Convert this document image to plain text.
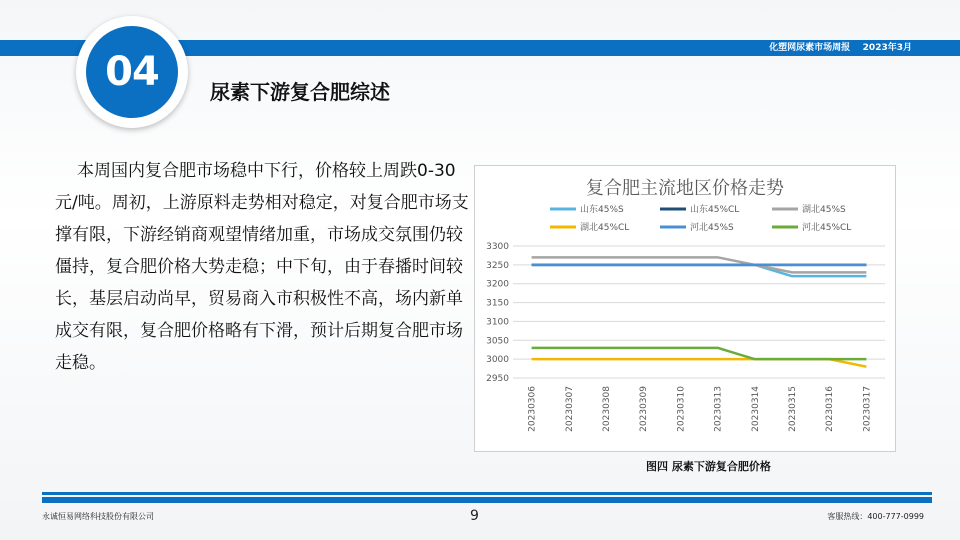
化塑网尿素市场周报    2023年3月
04	尿素下游复合肥综述
本周国内复合肥市场稳中下行，价格较上周跌0-30元/吨。周初，上游原料走势相对稳定，对复合肥市场支撑有限，下游经销商观望情绪加重，市场成交氛围仍较僵持，复合肥价格大势走稳；中下旬，由于春播时间较长，基层启动尚早，贸易商入市积极性不高，场内新单成交有限，复合肥价格略有下滑，预计后期复合肥市场走稳。
复合肥主流地区价格走势
山东45%S	山东45%CL	湖北45%S
湖北45%CL	河北45%S	河北45%CL
2950
3000
3050
3100
3150
3200
3250
3300
20230306	20230307	20230308	20230309	20230310	20230313	20230314	20230315	20230316	20230317
图四 尿素下游复合肥价格
永诚恒易网络科技股份有限公司	9	客服热线：400-777-0999
